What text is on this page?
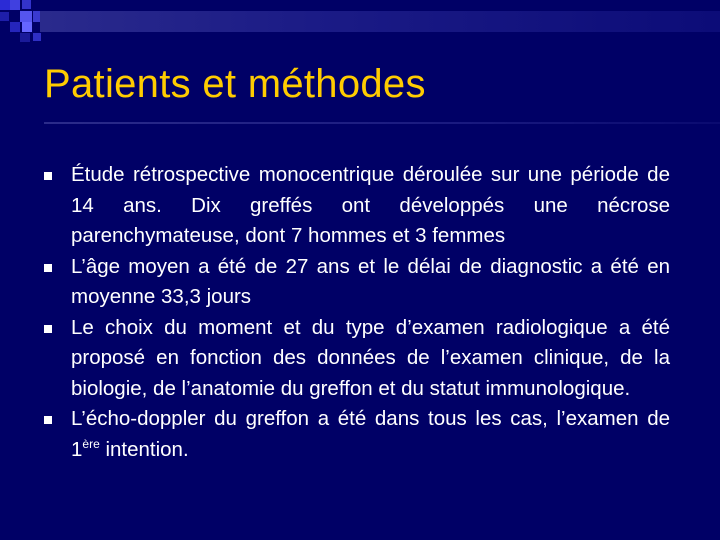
Patients et méthodes
Étude rétrospective monocentrique déroulée sur une période de 14 ans. Dix greffés ont développés une nécrose parenchymateuse, dont 7 hommes et 3 femmes
L’âge moyen a été de 27 ans et le délai de diagnostic a été en moyenne 33,3 jours
Le choix du moment et du type d’examen radiologique a été proposé en fonction des données de l’examen clinique, de la biologie, de l’anatomie du greffon et du statut immunologique.
L’écho-doppler du greffon a été dans tous les cas, l’examen de 1ère intention.
